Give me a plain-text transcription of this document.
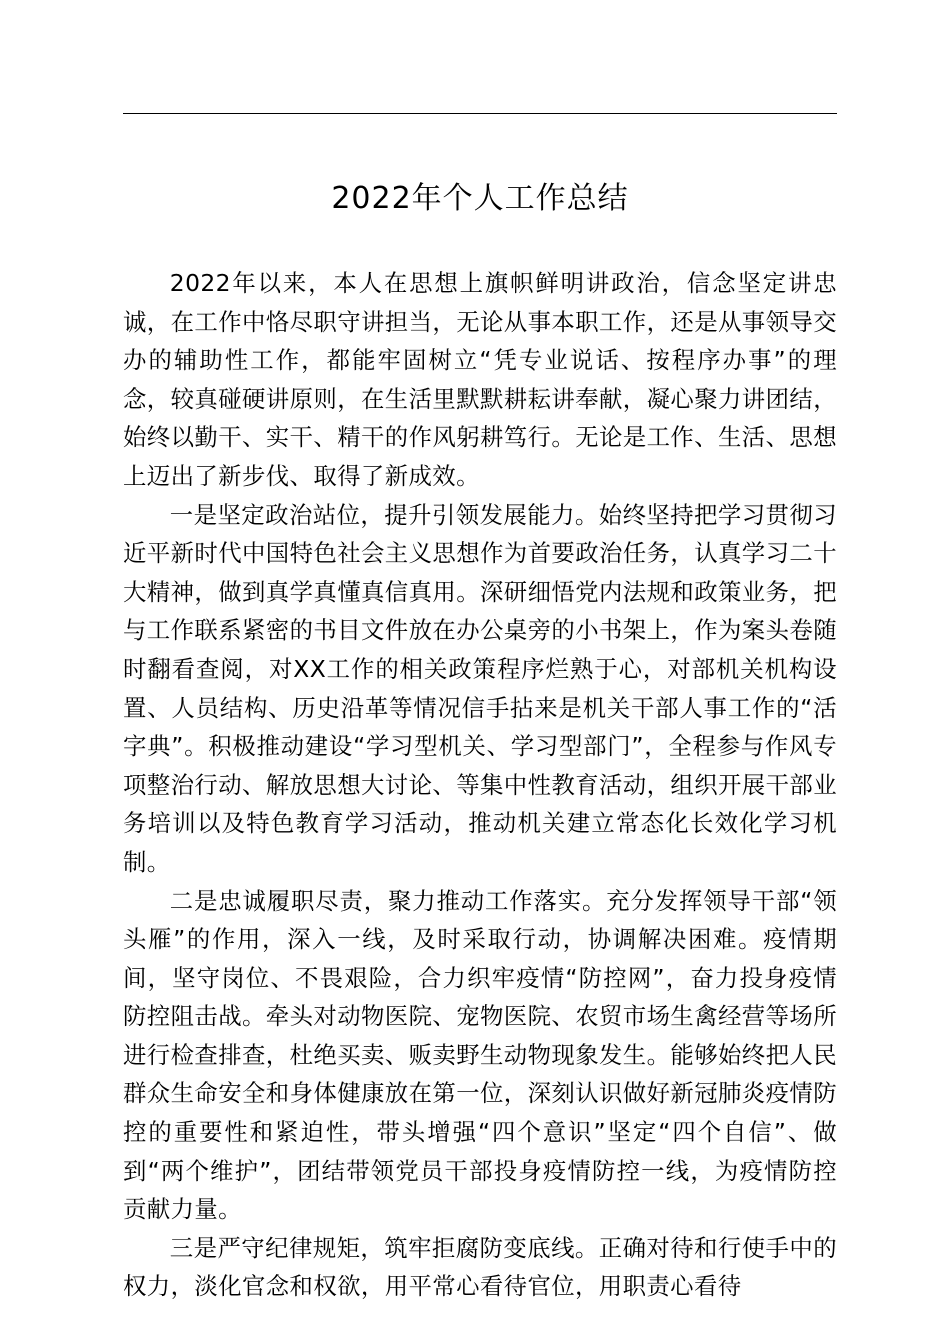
2022年个人工作总结

2022年以来，本人在思想上旗帜鲜明讲政治，信念坚定讲忠诚，在工作中恪尽职守讲担当，无论从事本职工作，还是从事领导交办的辅助性工作，都能牢固树立“凭专业说话、按程序办事”的理念，较真碰硬讲原则，在生活里默默耕耘讲奉献，凝心聚力讲团结，始终以勤干、实干、精干的作风躬耕笃行。无论是工作、生活、思想上迈出了新步伐、取得了新成效。

一是坚定政治站位，提升引领发展能力。始终坚持把学习贯彻习近平新时代中国特色社会主义思想作为首要政治任务，认真学习二十大精神，做到真学真懂真信真用。深研细悟党内法规和政策业务，把与工作联系紧密的书目文件放在办公桌旁的小书架上，作为案头卷随时翻看查阅，对XX工作的相关政策程序烂熟于心，对部机关机构设置、人员结构、历史沿革等情况信手拈来是机关干部人事工作的“活字典”。积极推动建设“学习型机关、学习型部门”，全程参与作风专项整治行动、解放思想大讨论、等集中性教育活动，组织开展干部业务培训以及特色教育学习活动，推动机关建立常态化长效化学习机制。

二是忠诚履职尽责，聚力推动工作落实。充分发挥领导干部“领头雁”的作用，深入一线，及时采取行动，协调解决困难。疫情期间，坚守岗位、不畏艰险，合力织牢疫情“防控网”，奋力投身疫情防控阻击战。牵头对动物医院、宠物医院、农贸市场生禽经营等场所进行检查排查，杜绝买卖、贩卖野生动物现象发生。能够始终把人民群众生命安全和身体健康放在第一位，深刻认识做好新冠肺炎疫情防控的重要性和紧迫性，带头增强“四个意识”坚定“四个自信”、做到“两个维护”，团结带领党员干部投身疫情防控一线，为疫情防控贡献力量。

三是严守纪律规矩，筑牢拒腐防变底线。正确对待和行使手中的权力，淡化官念和权欲，用平常心看待官位，用职责心看待
